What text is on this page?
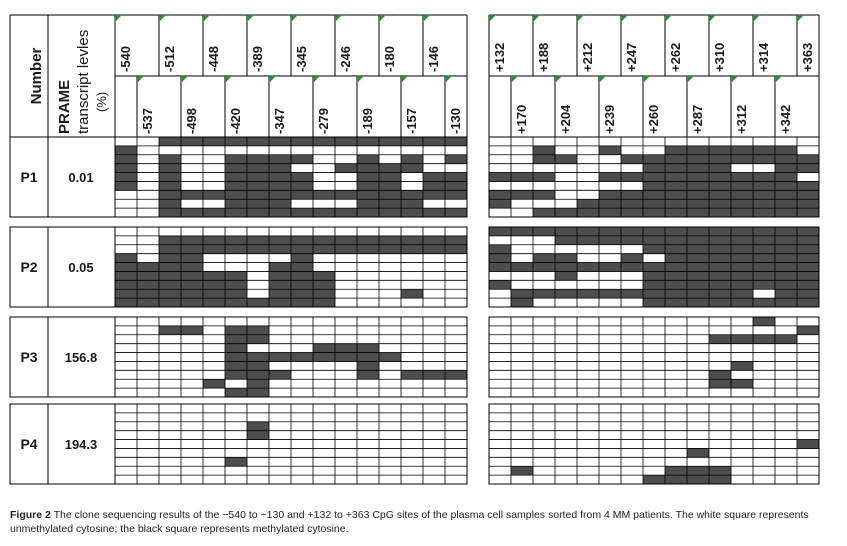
Number
PRAME transcript levles (%)
-540 -512 -448 -389 -345 -246 -180 -146
-537 -498 -420 -347 -279 -189 -157 -130
+132 +188 +212 +247 +262 +310 +314 +363
+170 +204 +239 +260 +287 +312 +342
P1 0.01
P2 0.05
P3 156.8
P4 194.3
Figure 2 The clone sequencing results of the −540 to −130 and +132 to +363 CpG sites of the plasma cell samples sorted from 4 MM patients. The white square represents unmethylated cytosine; the black square represents methylated cytosine.
